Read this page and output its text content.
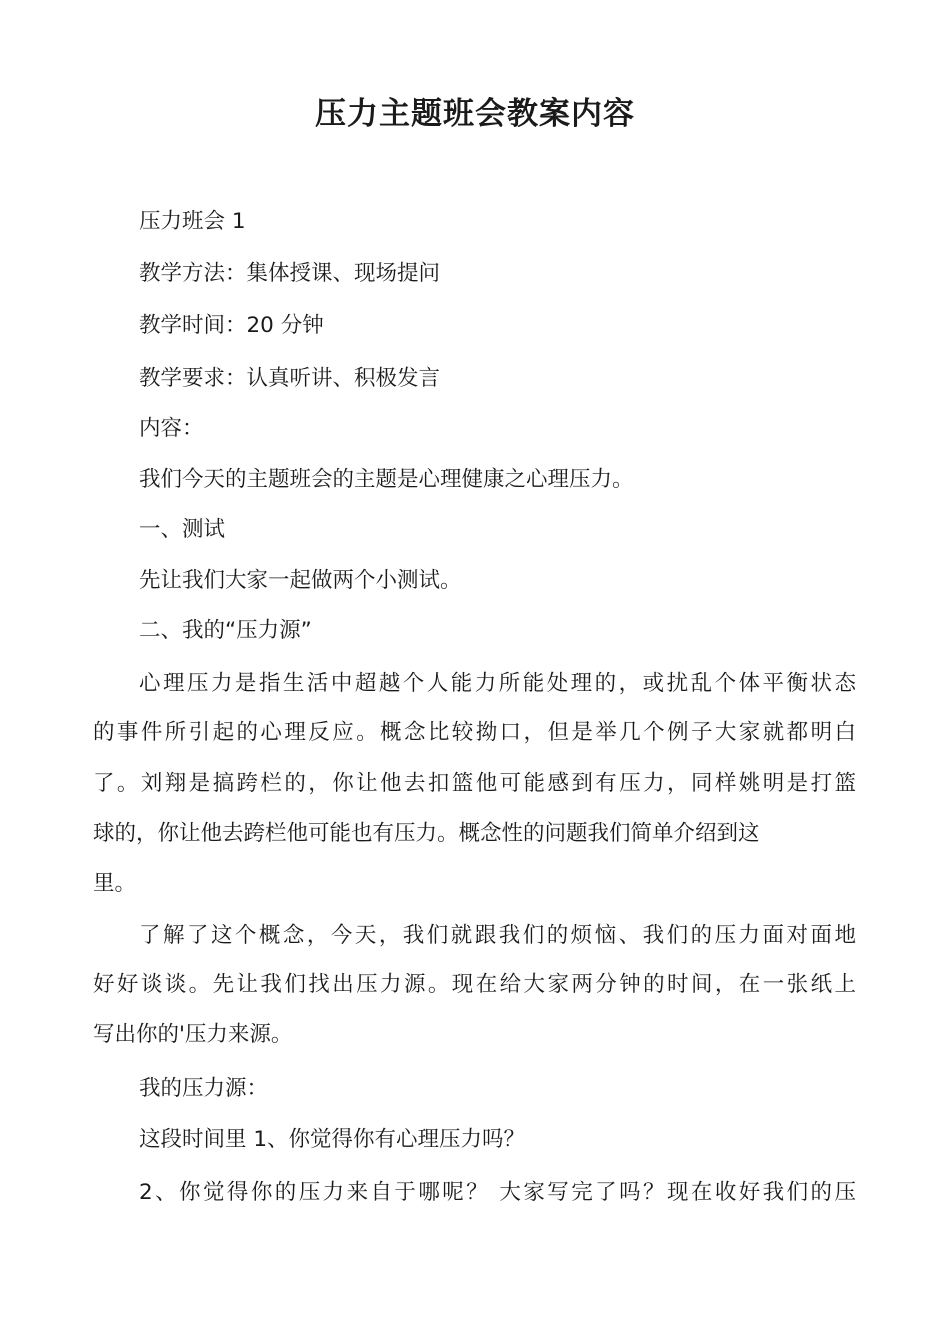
压力主题班会教案内容

压力班会 1

教学方法：集体授课、现场提问

教学时间：20 分钟

教学要求：认真听讲、积极发言

内容：

我们今天的主题班会的主题是心理健康之心理压力。

一、测试

先让我们大家一起做两个小测试。

二、我的“压力源”

心理压力是指生活中超越个人能力所能处理的，或扰乱个体平衡状态

的事件所引起的心理反应。概念比较拗口，但是举几个例子大家就都明白

了。刘翔是搞跨栏的，你让他去扣篮他可能感到有压力，同样姚明是打篮

球的，你让他去跨栏他可能也有压力。概念性的问题我们简单介绍到这

里。

了解了这个概念，今天，我们就跟我们的烦恼、我们的压力面对面地

好好谈谈。先让我们找出压力源。现在给大家两分钟的时间，在一张纸上

写出你的'压力来源。

我的压力源：

这段时间里 1、你觉得你有心理压力吗？

2、你觉得你的压力来自于哪呢？ 大家写完了吗？现在收好我们的压
